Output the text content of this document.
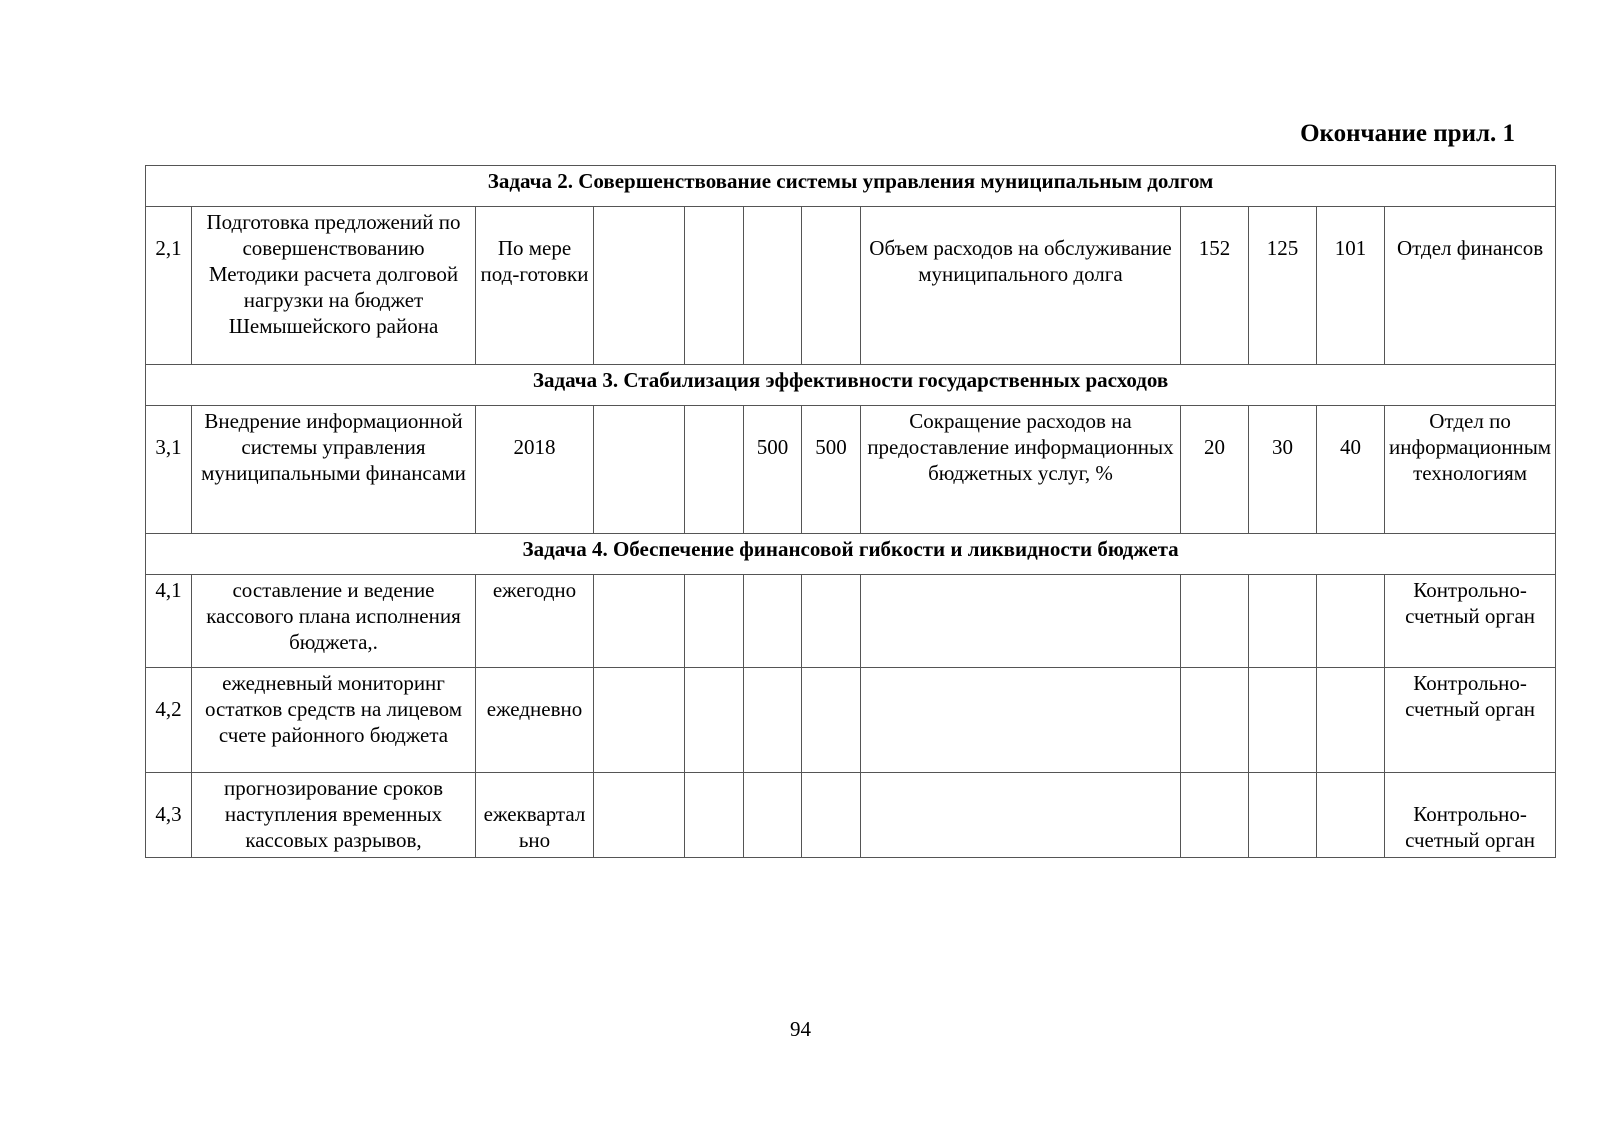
Окончание прил. 1
Задача 2. Совершенствование системы управления муниципальным долгом											
2,1	Подготовка предложений по совершенствованию Методики расчета долговой нагрузки на бюджет Шемышейского района	По мере под-готовки					Объем расходов на обслуживание муниципального долга	152	125	101	Отдел финансов
Задача 3. Стабилизация эффективности государственных расходов											
3,1	Внедрение информационной системы управления муниципальными финансами	2018			500	500	Сокращение расходов на предоставление информационных бюджетных услуг, %	20	30	40	Отдел по информационным технологиям
Задача 4. Обеспечение финансовой гибкости и ликвидности бюджета											
4,1	составление и ведение кассового плана исполнения бюджета,.	ежегодно									Контрольно-счетный орган
4,2	ежедневный мониторинг остатков средств на лицевом счете районного бюджета	ежедневно									Контрольно-счетный орган
4,3	прогнозирование сроков наступления временных кассовых разрывов,	ежеквартально									Контрольно-счетный орган
94
